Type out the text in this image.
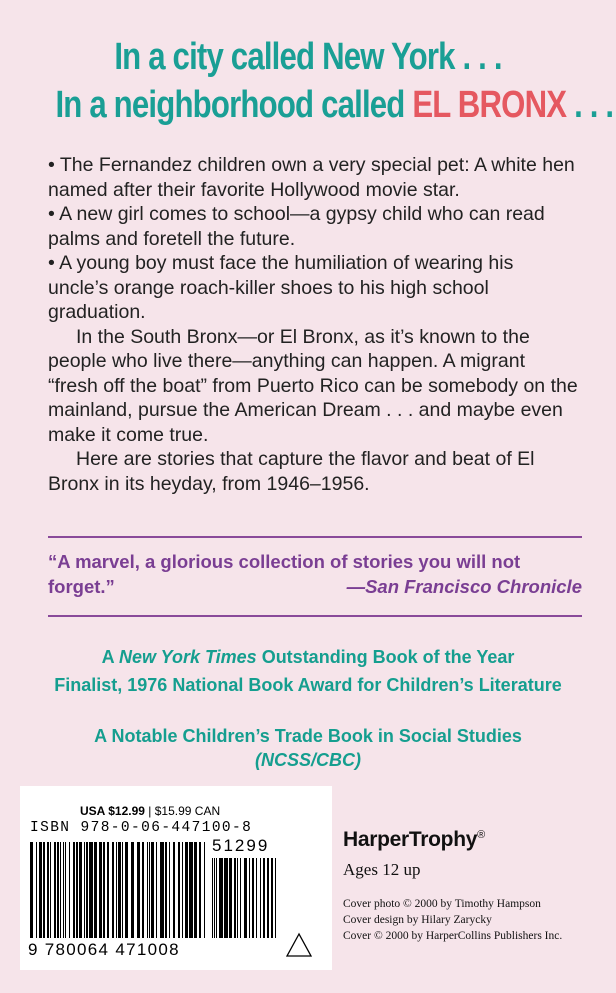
In a city called New York . . .
In a neighborhood called EL BRONX . . .

• The Fernandez children own a very special pet: A white hen named after their favorite Hollywood movie star.

• A new girl comes to school—a gypsy child who can read palms and foretell the future.

• A young boy must face the humiliation of wearing his uncle’s orange roach-killer shoes to his high school graduation.

In the South Bronx—or El Bronx, as it’s known to the people who live there—anything can happen. A migrant “fresh off the boat” from Puerto Rico can be somebody on the mainland, pursue the American Dream . . . and maybe even make it come true.

Here are stories that capture the flavor and beat of El Bronx in its heyday, from 1946–1956.

“A marvel, a glorious collection of stories you will not forget.”	—San Francisco Chronicle
A New York Times Outstanding Book of the Year
Finalist, 1976 National Book Award for Children’s Literature
A Notable Children’s Trade Book in Social Studies
(NCSS/CBC)
USA $12.99 | $15.99 CAN
ISBN 978-0-06-447100-8
51299
9 780064 471008
HarperTrophy®
Ages 12 up
Cover photo © 2000 by Timothy Hampson
Cover design by Hilary Zarycky
Cover © 2000 by HarperCollins Publishers Inc.
